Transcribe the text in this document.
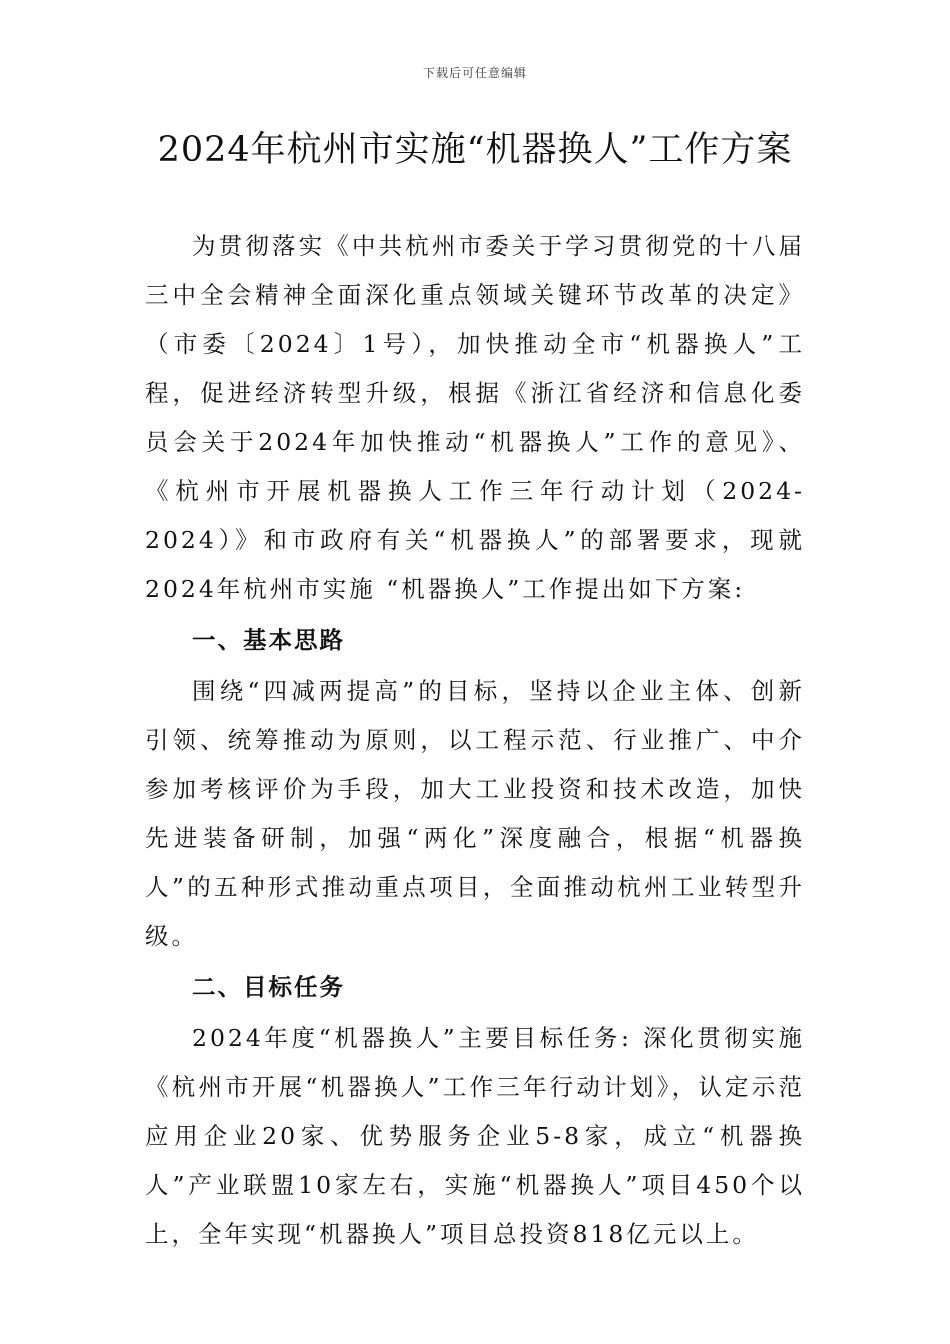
下载后可任意编辑
2024年杭州市实施“机器换人”工作方案

为贯彻落实《中共杭州市委关于学习贯彻党的十八届三中全会精神全面深化重点领域关键环节改革的决定》（市委〔2024〕1号），加快推动全市“机器换人”工程，促进经济转型升级，根据《浙江省经济和信息化委员会关于2024年加快推动“机器换人”工作的意见》、《杭州市开展机器换人工作三年行动计划（2024-2024）》和市政府有关“机器换人”的部署要求，现就2024年杭州市实施 “机器换人”工作提出如下方案:

一、基本思路

围绕“四减两提高”的目标，坚持以企业主体、创新引领、统筹推动为原则，以工程示范、行业推广、中介参加考核评价为手段，加大工业投资和技术改造，加快先进装备研制，加强“两化”深度融合，根据“机器换人”的五种形式推动重点项目，全面推动杭州工业转型升级。

二、目标任务

2024年度“机器换人”主要目标任务: 深化贯彻实施《杭州市开展“机器换人”工作三年行动计划》，认定示范应用企业20家、优势服务企业5-8家，成立“机器换人”产业联盟10家左右，实施“机器换人”项目450个以上，全年实现“机器换人”项目总投资818亿元以上。
